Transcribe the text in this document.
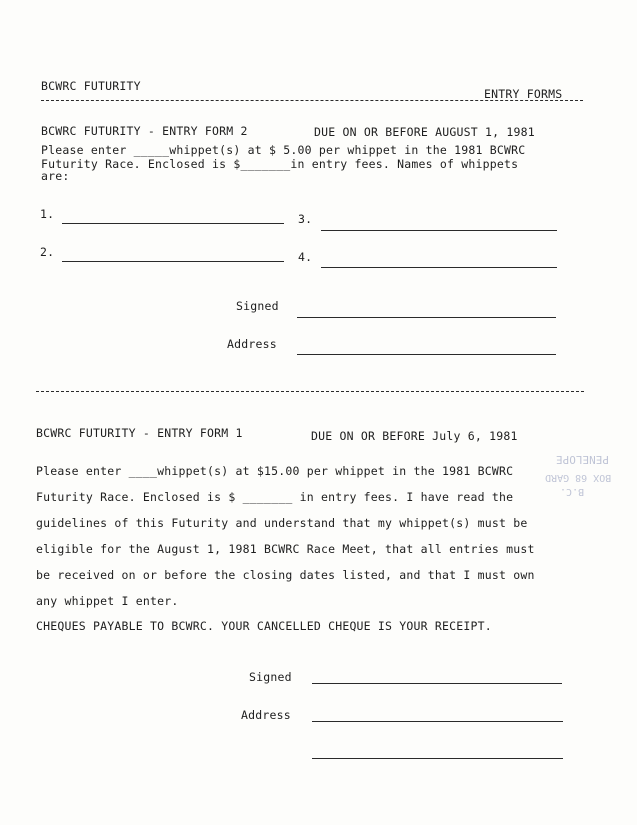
BCWRC FUTURITY
ENTRY FORMS
BCWRC FUTURITY - ENTRY FORM 2	DUE ON OR BEFORE AUGUST 1, 1981
Please enter _____whippet(s) at $ 5.00 per whippet in the 1981 BCWRC
Futurity Race. Enclosed is $_______in entry fees. Names of whippets
are:
1.	3.
2.	4.
Signed
Address
BCWRC FUTURITY - ENTRY FORM 1	DUE ON OR BEFORE July 6, 1981
Please enter ____whippet(s) at $15.00 per whippet in the 1981 BCWRC
Futurity Race. Enclosed is $ _______ in entry fees. I have read the
guidelines of this Futurity and understand that my whippet(s) must be
eligible for the August 1, 1981 BCWRC Race Meet, that all entries must
be received on or before the closing dates listed, and that I must own
any whippet I enter.
CHEQUES PAYABLE TO BCWRC. YOUR CANCELLED CHEQUE IS YOUR RECEIPT.
Signed
Address
PENELOPE
BOX 68 GARD
B.C.
